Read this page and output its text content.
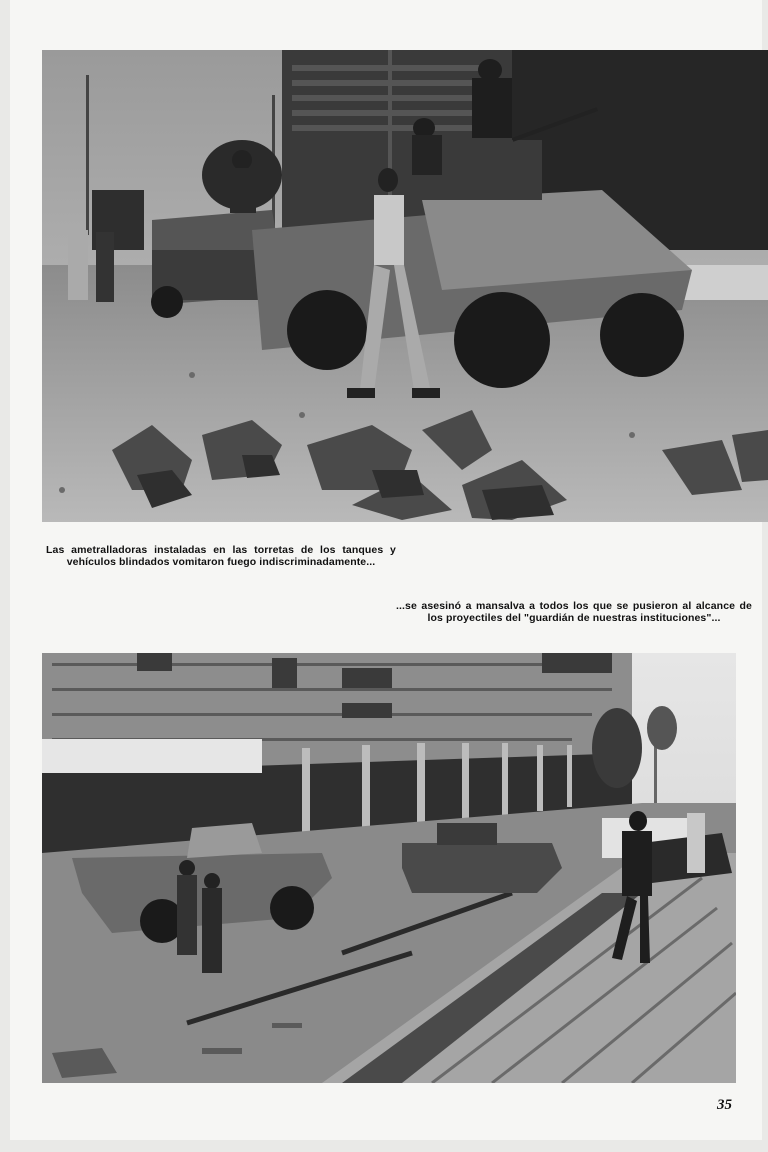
Las ametralladoras instaladas en las torretas de los tanques y vehículos blindados vomitaron fuego indiscriminadamente...
...se asesinó a mansalva a todos los que se pusieron al alcance de los proyectiles del "guardián de nuestras instituciones"...
35
